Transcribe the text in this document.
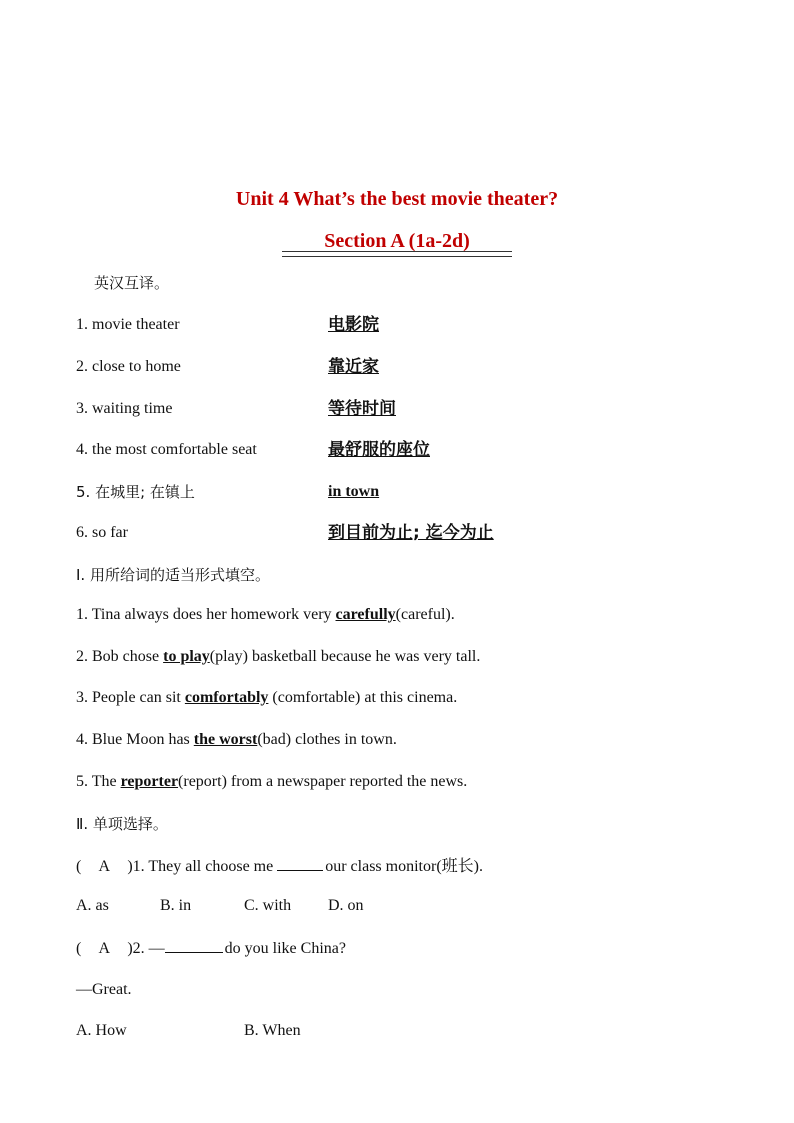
Unit 4 What’s the best movie theater?
Section A (1a-2d)
英汉互译。
1. movie theater	电影院
2. close to home	靠近家
3. waiting time	等待时间
4. the most comfortable seat	最舒服的座位
5. 在城里; 在镇上	in town
6. so far	到目前为止; 迄今为止
Ⅰ. 用所给词的适当形式填空。
1. Tina always does her homework very carefully(careful).
2. Bob chose to play(play) basketball because he was very tall.
3. People can sit comfortably (comfortable) at this cinema.
4. Blue Moon has the worst(bad) clothes in town.
5. The reporter(report) from a newspaper reported the news.
Ⅱ. 单项选择。
( A )1. They all choose me	our class monitor(班长).
A. as	B. in	C. with D. on
( A )2. —	do you like China?
—Great.
A. How	B. When
